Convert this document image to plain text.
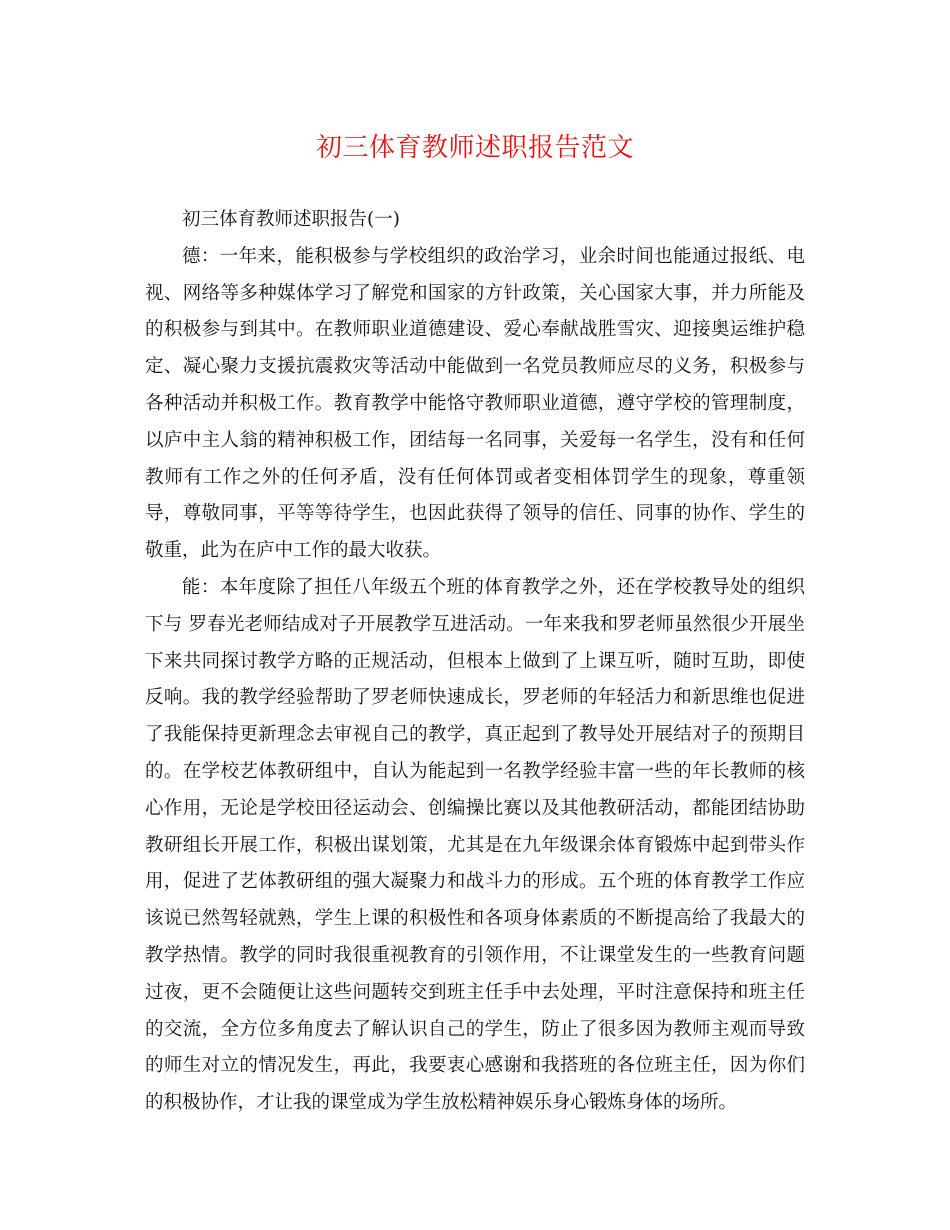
初三体育教师述职报告范文

初三体育教师述职报告(一)

德：一年来，能积极参与学校组织的政治学习，业余时间也能通过报纸、电视、网络等多种媒体学习了解党和国家的方针政策，关心国家大事，并力所能及的积极参与到其中。在教师职业道德建设、爱心奉献战胜雪灾、迎接奥运维护稳定、凝心聚力支援抗震救灾等活动中能做到一名党员教师应尽的义务，积极参与各种活动并积极工作。教育教学中能恪守教师职业道德，遵守学校的管理制度，以庐中主人翁的精神积极工作，团结每一名同事，关爱每一名学生，没有和任何教师有工作之外的任何矛盾，没有任何体罚或者变相体罚学生的现象，尊重领导，尊敬同事，平等等待学生，也因此获得了领导的信任、同事的协作、学生的敬重，此为在庐中工作的最大收获。

能：本年度除了担任八年级五个班的体育教学之外，还在学校教导处的组织下与 罗春光老师结成对子开展教学互进活动。一年来我和罗老师虽然很少开展坐下来共同探讨教学方略的正规活动，但根本上做到了上课互听，随时互助，即使反响。我的教学经验帮助了罗老师快速成长，罗老师的年轻活力和新思维也促进了我能保持更新理念去审视自己的教学，真正起到了教导处开展结对子的预期目的。在学校艺体教研组中，自认为能起到一名教学经验丰富一些的年长教师的核心作用，无论是学校田径运动会、创编操比赛以及其他教研活动，都能团结协助教研组长开展工作，积极出谋划策，尤其是在九年级课余体育锻炼中起到带头作用，促进了艺体教研组的强大凝聚力和战斗力的形成。五个班的体育教学工作应该说已然驾轻就熟，学生上课的积极性和各项身体素质的不断提高给了我最大的教学热情。教学的同时我很重视教育的引领作用，不让课堂发生的一些教育问题过夜，更不会随便让这些问题转交到班主任手中去处理，平时注意保持和班主任的交流，全方位多角度去了解认识自己的学生，防止了很多因为教师主观而导致的师生对立的情况发生，再此，我要衷心感谢和我搭班的各位班主任，因为你们的积极协作，才让我的课堂成为学生放松精神娱乐身心锻炼身体的场所。
